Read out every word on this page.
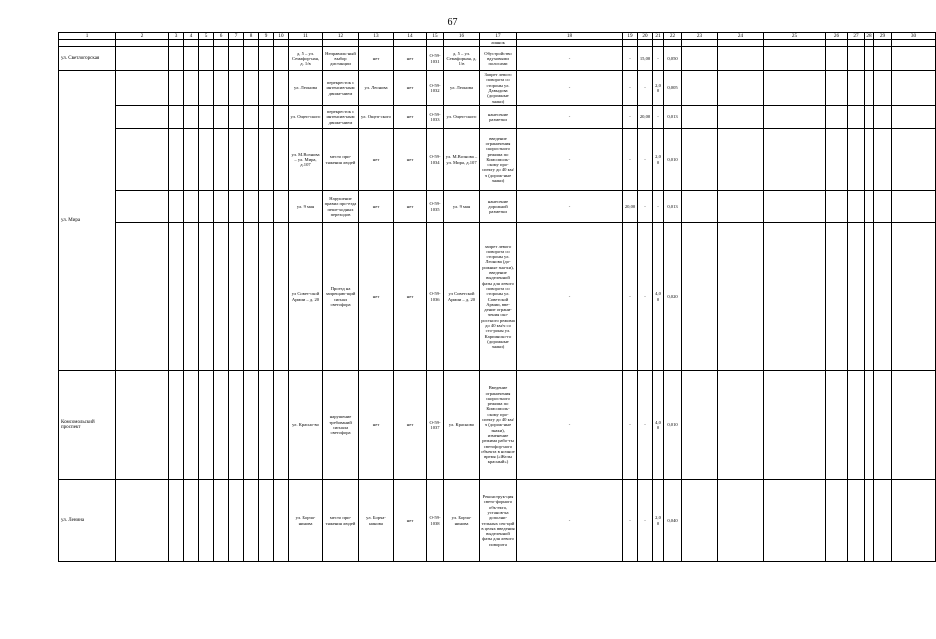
67
1	2	3	4	5	6	7	8	9	10	11	12	13	14	15	16	17	18	19	20	21	22	23	24	25	26	27	28	29	30
																лиянок													
ул. Светлогорская										д. 5 – ул. Семафор-ная, д. 1/в	Неправиль-ный выбор дистанции	нет	нет	О-59-1031	д. 5 – ул. Семафорная, д. 1/в	Обустройство вдуховыми полосами	-	-	15,00	-	0,050								
ул. Мира										ул. Леонова	перекресток с интенсив-ным движе-нием	ул. Леонова	нет	О-59-1032	ул. Леонова	Запрет левого поворота со стороны ул. Давыдова (дорожные знаки)	-	-	-	2,00	0,005								
										ул. Ощеп-ского	перекресток с интенсив-ным движе-нием	ул. Ощеп-ского	нет	О-59-1033	ул. Ощеп-ского	нанесение разметки	-	-	20,00	-	0,013								
										ул. М.Вознова – ул. Мира, д.107	место при-тяжения людей	нет	нет	О-59-1034	ул. М.Вознова – ул. Мира, д.107	введение ограничения скоростного режима по Комсомоль-скому про-спекту до 40 км/ч (дорож-ные знаки)	-	-	-	2,00	0,010								
										ул. 9 мая	Нарушение правил про-езда пеше-ходных переходов	нет	нет	О-59-1035	ул. 9 мая	нанесение дорожной разметки	-	20,00	-	-	0,013								
										ул Совет-ской Армии – д. 20	Проезд на запрещаю-щий сигнал светофора	нет	нет	О-59-1036	ул Советской Армии – д. 20	запрет левого поворота со стороны ул. Леонова (до-рожные зна-ки), введение выделенной фазы для левого поворота со стороны ул. Советской Армии, вве-дение ограни-чения ско-ростного режима до 40 км/ч со сто-роны ул. Карпинско-го (дорожные знаки)	-	-	-	4,00	0,020								
Комсомольский проспект										ул. Красно-во	нарушение требований сигнала светофора	нет	нет	О-59-1037	ул. Красново	Введение ограничения скоростного режима по Комсомоль-скому про-спекту до 40 км/ч (дорож-ные знаки), изменение режима рабо-ты светофор-ного объекта в ночное время («Желы красный»)	-	-	-	4,00	0,010								
ул. Ленина										ул. Борча-нинова	место при-тяжения людей	ул. Борча-нинова	нет	О-59-1038	ул. Борча-нинова	Реконструк-ция свето-форного объ-екта, установ-ка дополни-тельных сек-ций в целях введения выделенной фазы для левого поворота	-	-	-	2,00	0,040								
